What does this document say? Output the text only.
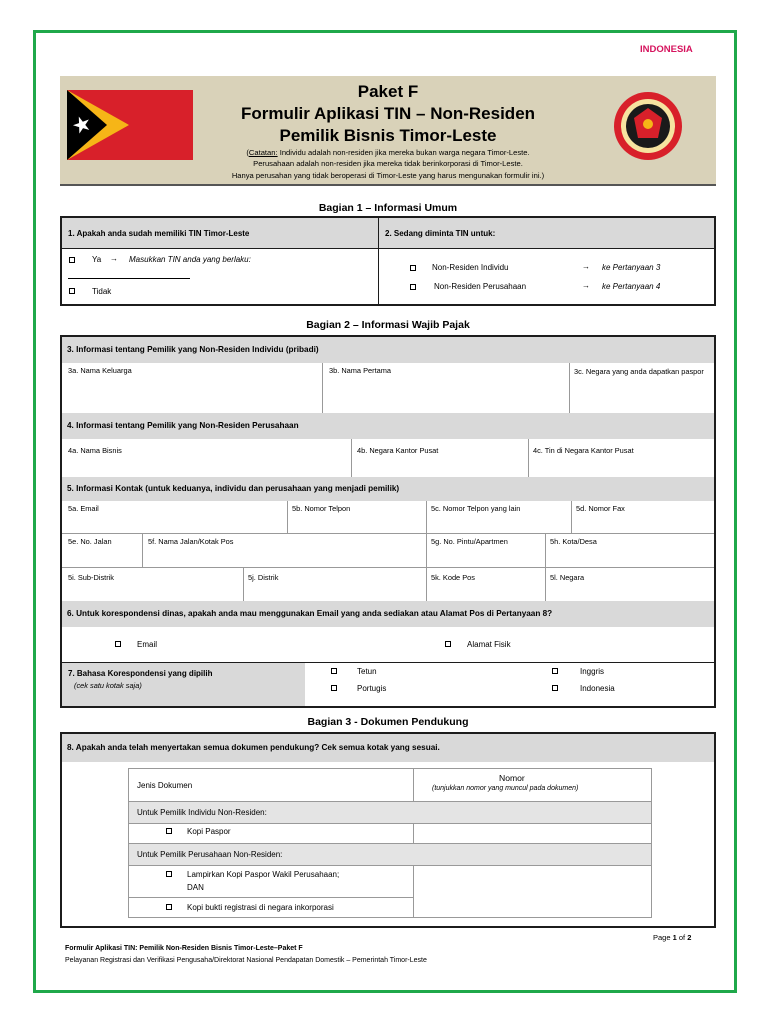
INDONESIA
★
Paket F
Formulir Aplikasi TIN – Non-Residen
Pemilik Bisnis Timor-Leste
(Catatan: Individu adalah non-residen jika mereka bukan warga negara Timor-Leste.
Perusahaan adalah non-residen jika mereka tidak berinkorporasi di Timor-Leste.
Hanya perusahan yang tidak beroperasi di Timor-Leste yang harus mengunakan formulir ini.)
Bagian 1 – Informasi Umum
1. Apakah anda sudah memiliki TIN Timor-Leste	2. Sedang diminta TIN untuk:
Ya → Masukkan TIN anda yang berlaku:
Tidak
Non-Residen Individu	→ ke Pertanyaan 3
Non-Residen Perusahaan	→ ke Pertanyaan 4
Bagian 2 – Informasi Wajib Pajak
3. Informasi tentang Pemilik yang Non-Residen Individu (pribadi)
3a. Nama Keluarga	3b. Nama Pertama	3c. Negara yang anda dapatkan paspor
4. Informasi tentang Pemilik yang Non-Residen Perusahaan
4a. Nama Bisnis	4b. Negara Kantor Pusat	4c. Tin di Negara Kantor Pusat
5. Informasi Kontak (untuk keduanya, individu dan perusahaan yang menjadi pemilik)
5a. Email	5b. Nomor Telpon	5c. Nomor Telpon yang lain	5d. Nomor Fax
5e. No. Jalan	5f. Nama Jalan/Kotak Pos	5g. No. Pintu/Apartmen	5h. Kota/Desa
5i. Sub-Distrik	5j. Distrik	5k. Kode Pos	5l. Negara
6. Untuk korespondensi dinas, apakah anda mau menggunakan Email yang anda sediakan atau Alamat Pos di Pertanyaan 8?
Email	Alamat Fisik
7. Bahasa Korespondensi yang dipilih
(cek satu kotak saja)
Tetun
Portugis
Inggris
Indonesia
Bagian 3 - Dokumen Pendukung
8. Apakah anda telah menyertakan semua dokumen pendukung? Cek semua kotak yang sesuai.
Jenis Dokumen
Nomor
(tunjukkan nomor yang muncul pada dokumen)
Untuk Pemilik Individu Non-Residen:
Kopi Paspor
Untuk Pemilik Perusahaan Non-Residen:
Lampirkan Kopi Paspor Wakil Perusahaan;
DAN
Kopi bukti registrasi di negara inkorporasi
Page 1 of 2
Formulir Aplikasi TIN: Pemilik Non-Residen Bisnis Timor-Leste–Paket F
Pelayanan Registrasi dan Verifikasi Pengusaha/Direktorat Nasional Pendapatan Domestik – Pemerintah Timor-Leste
